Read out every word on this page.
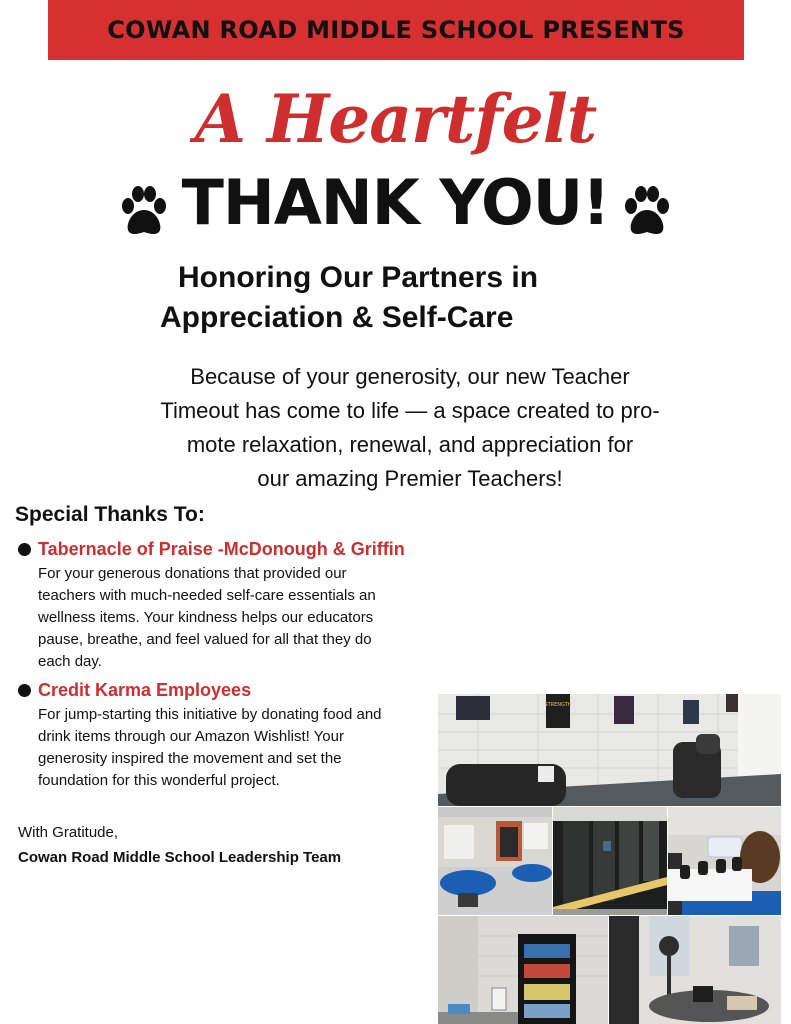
COWAN ROAD MIDDLE SCHOOL PRESENTS
A Heartfelt
THANK YOU!
Honoring Our Partners in
Appreciation & Self-Care
Because of your generosity, our new Teacher
Timeout has come to life — a space created to pro-
mote relaxation, renewal, and appreciation for
our amazing Premier Teachers!
Special Thanks To:
Tabernacle of Praise -McDonough & Griffin
For your generous donations that provided our
teachers with much-needed self-care essentials an
wellness items. Your kindness helps our educators
pause, breathe, and feel valued for all that they do
each day.
Credit Karma Employees
For jump-starting this initiative by donating food and
drink items through our Amazon Wishlist! Your
generosity inspired the movement and set the
foundation for this wonderful project.
With Gratitude,
Cowan Road Middle School Leadership Team
STRENGTH
